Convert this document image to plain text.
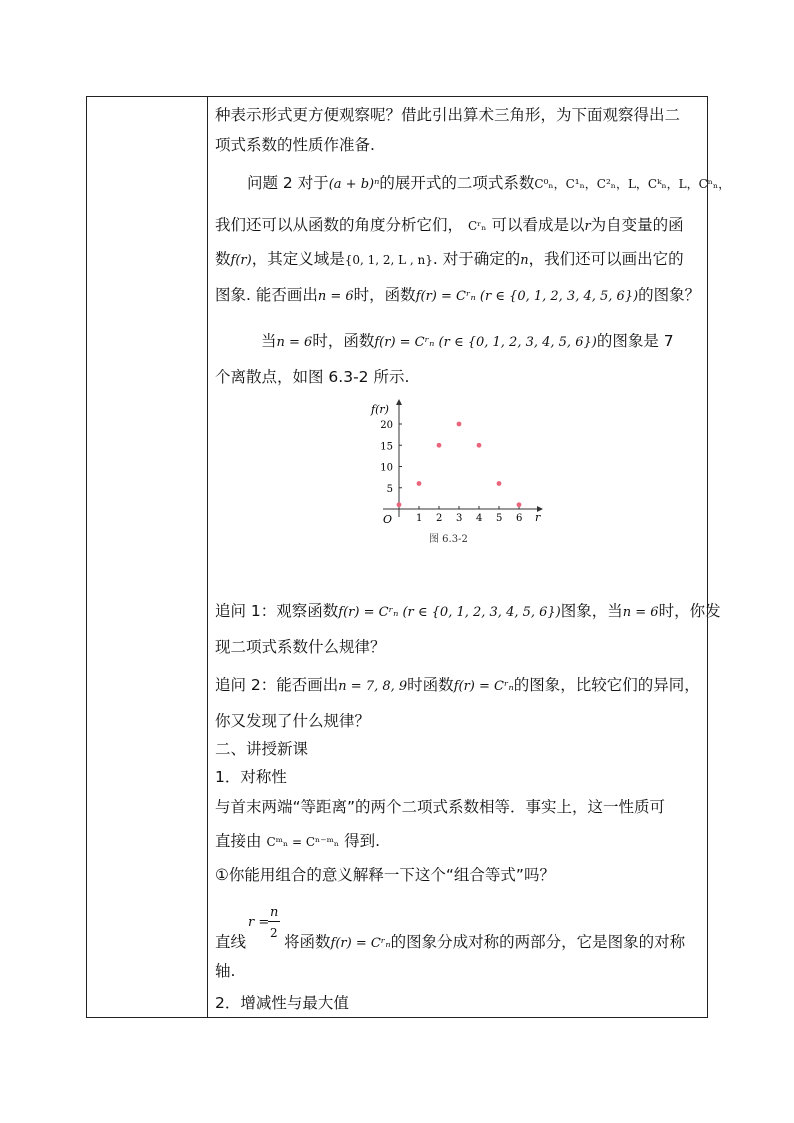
种表示形式更方便观察呢？借此引出算术三角形，为下面观察得出二
项式系数的性质作准备.
问题 2 对于(a + b)ⁿ的展开式的二项式系数C⁰ₙ，C¹ₙ，C²ₙ，L，Cᵏₙ，L，Cⁿₙ，
我们还可以从函数的角度分析它们， Cʳₙ 可以看成是以r为自变量的函
数f(r)，其定义域是{0, 1, 2, L , n}. 对于确定的n，我们还可以画出它的
图象. 能否画出n = 6时，函数f(r) = Cʳₙ (r ∈ {0, 1, 2, 3, 4, 5, 6})的图象？
当n = 6时，函数f(r) = Cʳₙ (r ∈ {0, 1, 2, 3, 4, 5, 6})的图象是 7
个离散点，如图 6.3-2 所示.
追问 1：观察函数f(r) = Cʳₙ (r ∈ {0, 1, 2, 3, 4, 5, 6})图象，当n = 6时，你发
现二项式系数什么规律？
追问 2：能否画出n = 7, 8, 9时函数f(r) = Cʳₙ的图象，比较它们的异同，
你又发现了什么规律？
二、讲授新课
1．对称性
与首末两端“等距离”的两个二项式系数相等．事实上，这一性质可
直接由 Cᵐₙ = Cⁿ⁻ᵐₙ 得到.
①你能用组合的意义解释一下这个“组合等式”吗？
直线
r =
n
2 将函数f(r) = Cʳₙ的图象分成对称的两部分，它是图象的对称
轴.
2．增减性与最大值
1 2 3 4 5 6
5
10
15
20
f(r)
r
O
图 6.3-2
